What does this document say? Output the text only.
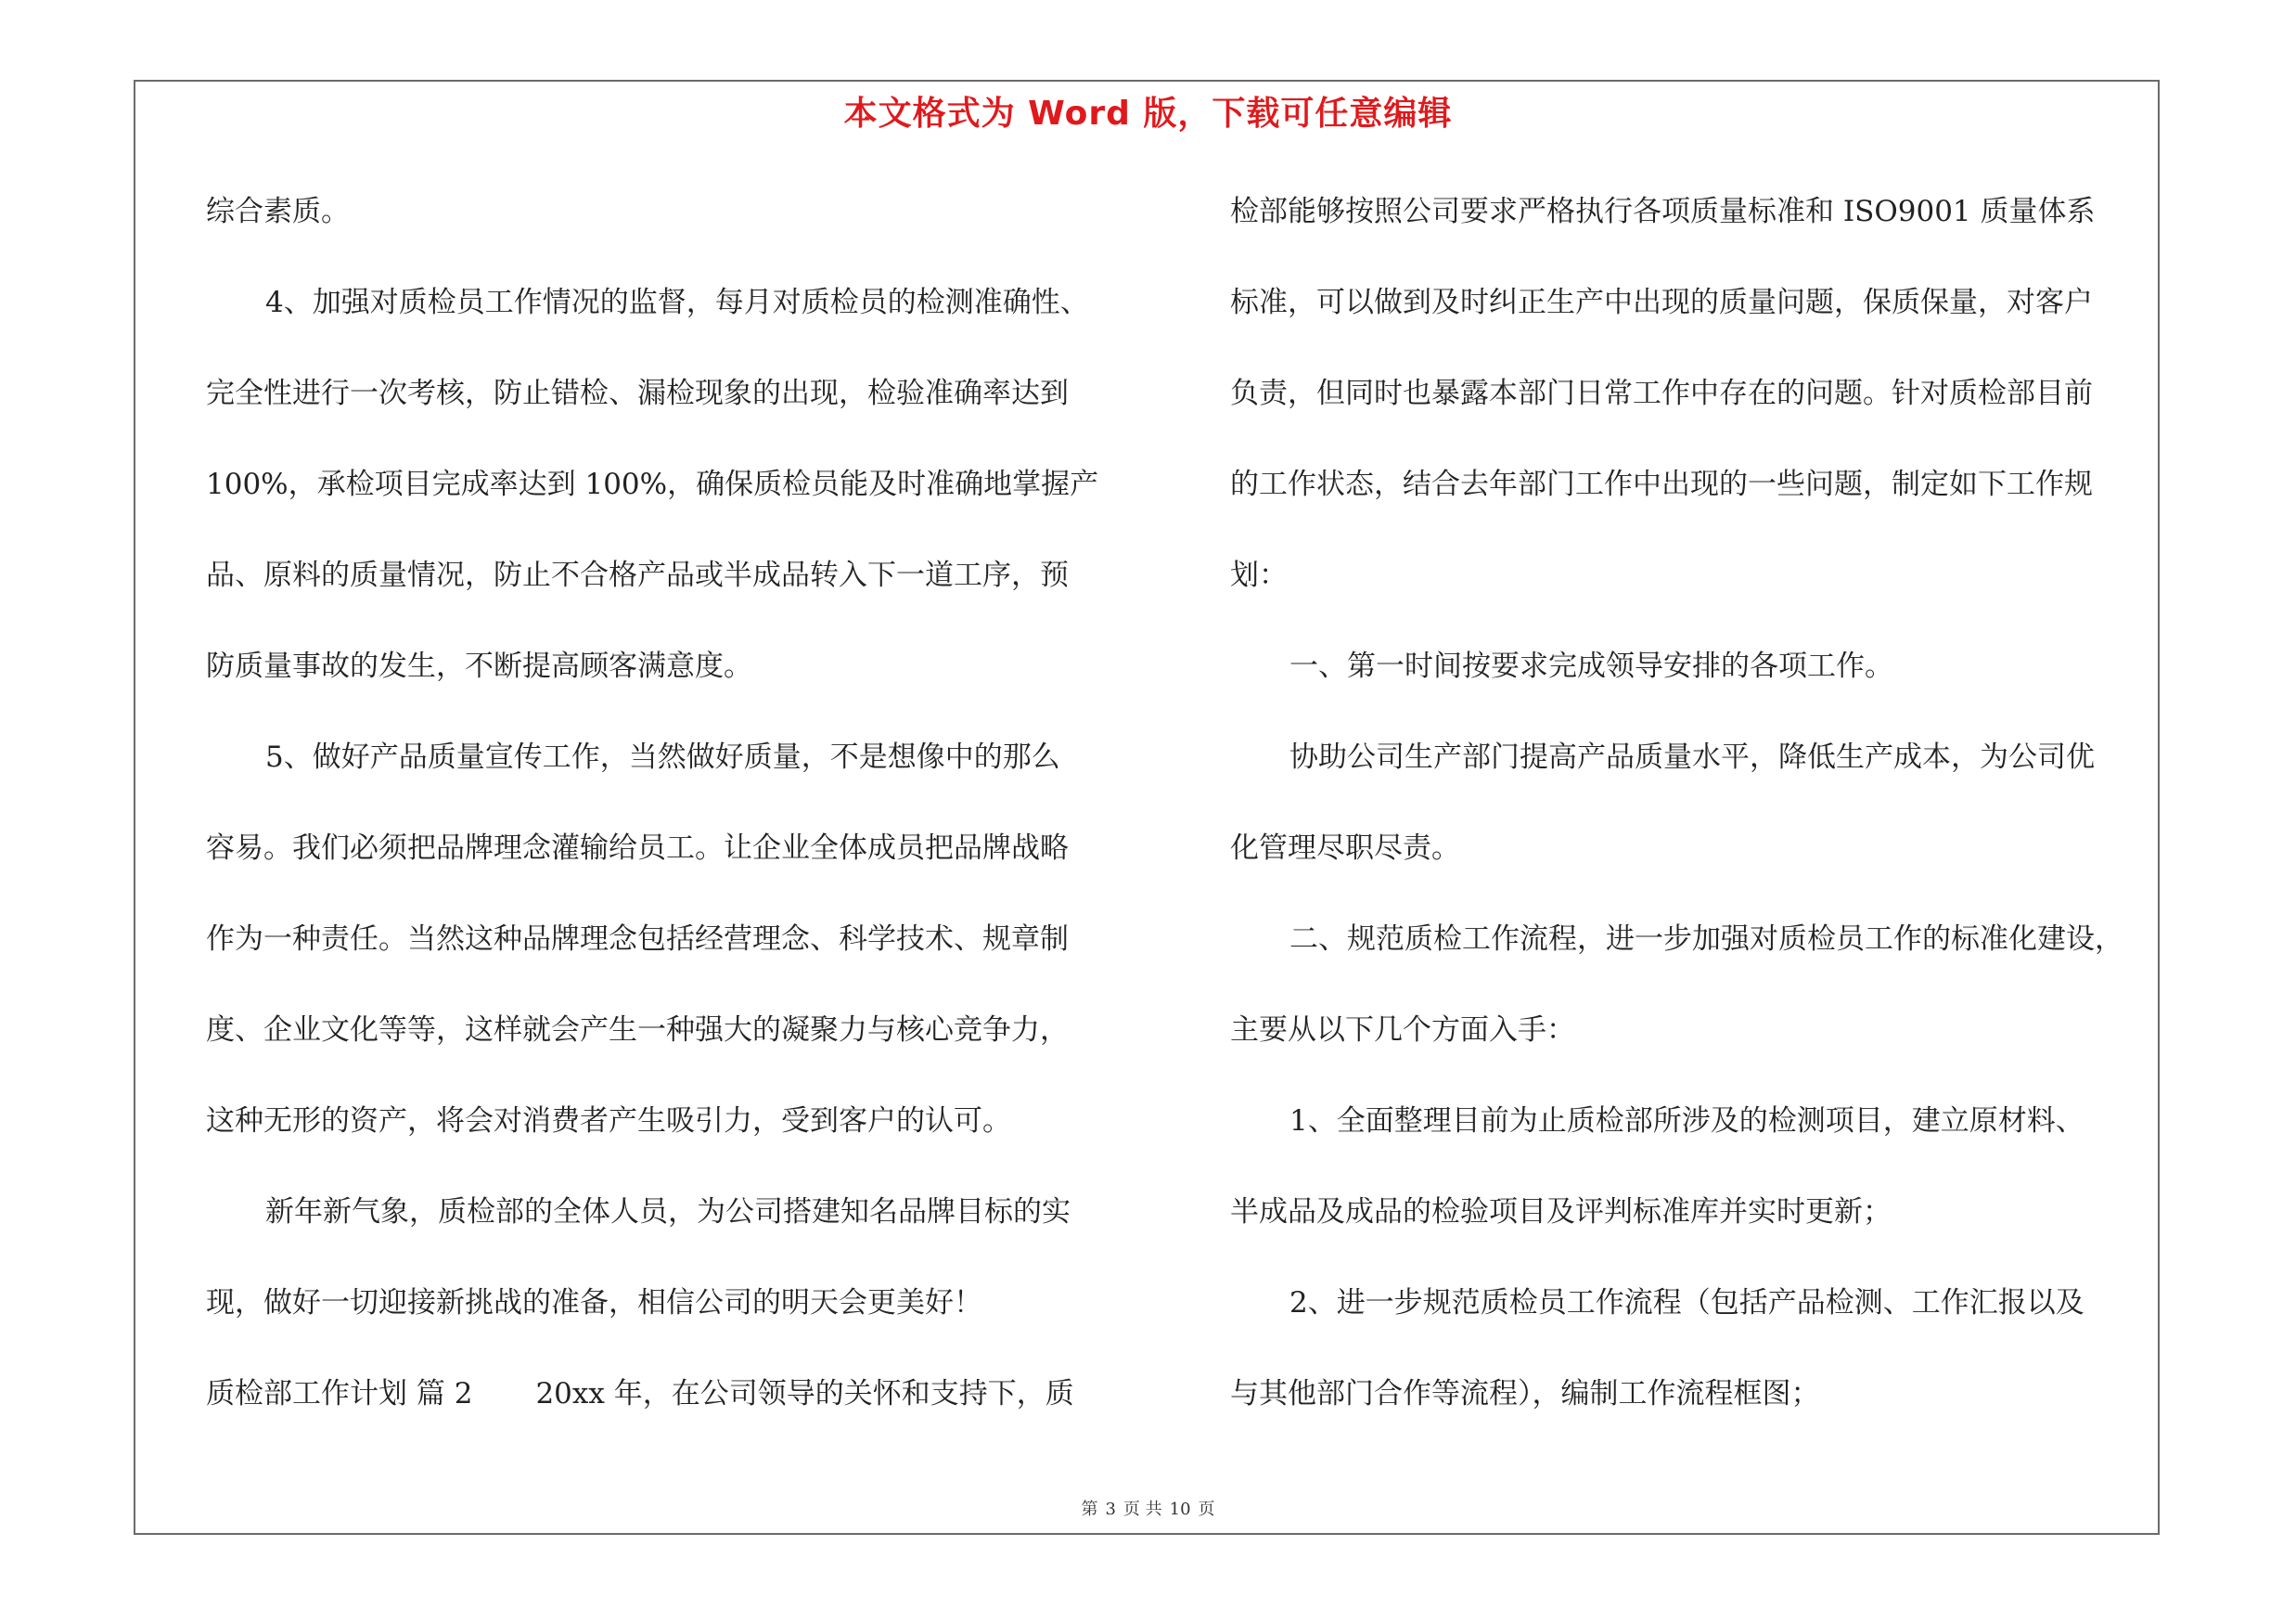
本文格式为 Word 版，下载可任意编辑
综合素质。
4、加强对质检员工作情况的监督，每月对质检员的检测准确性、
完全性进行一次考核，防止错检、漏检现象的出现，检验准确率达到
100%，承检项目完成率达到 100%，确保质检员能及时准确地掌握产
品、原料的质量情况，防止不合格产品或半成品转入下一道工序，预
防质量事故的发生，不断提高顾客满意度。
5、做好产品质量宣传工作，当然做好质量，不是想像中的那么
容易。我们必须把品牌理念灌输给员工。让企业全体成员把品牌战略
作为一种责任。当然这种品牌理念包括经营理念、科学技术、规章制
度、企业文化等等，这样就会产生一种强大的凝聚力与核心竞争力，
这种无形的资产，将会对消费者产生吸引力，受到客户的认可。
新年新气象，质检部的全体人员，为公司搭建知名品牌目标的实
现，做好一切迎接新挑战的准备，相信公司的明天会更美好！
质检部工作计划 篇 2 20xx 年，在公司领导的关怀和支持下，质
检部能够按照公司要求严格执行各项质量标准和 ISO9001 质量体系
标准，可以做到及时纠正生产中出现的质量问题，保质保量，对客户
负责，但同时也暴露本部门日常工作中存在的问题。针对质检部目前
的工作状态，结合去年部门工作中出现的一些问题，制定如下工作规
划：
一、第一时间按要求完成领导安排的各项工作。
协助公司生产部门提高产品质量水平，降低生产成本，为公司优
化管理尽职尽责。
二、规范质检工作流程，进一步加强对质检员工作的标准化建设，
主要从以下几个方面入手：
1、全面整理目前为止质检部所涉及的检测项目，建立原材料、
半成品及成品的检验项目及评判标准库并实时更新；
2、进一步规范质检员工作流程（包括产品检测、工作汇报以及
与其他部门合作等流程），编制工作流程框图；
第 3 页 共 10 页
